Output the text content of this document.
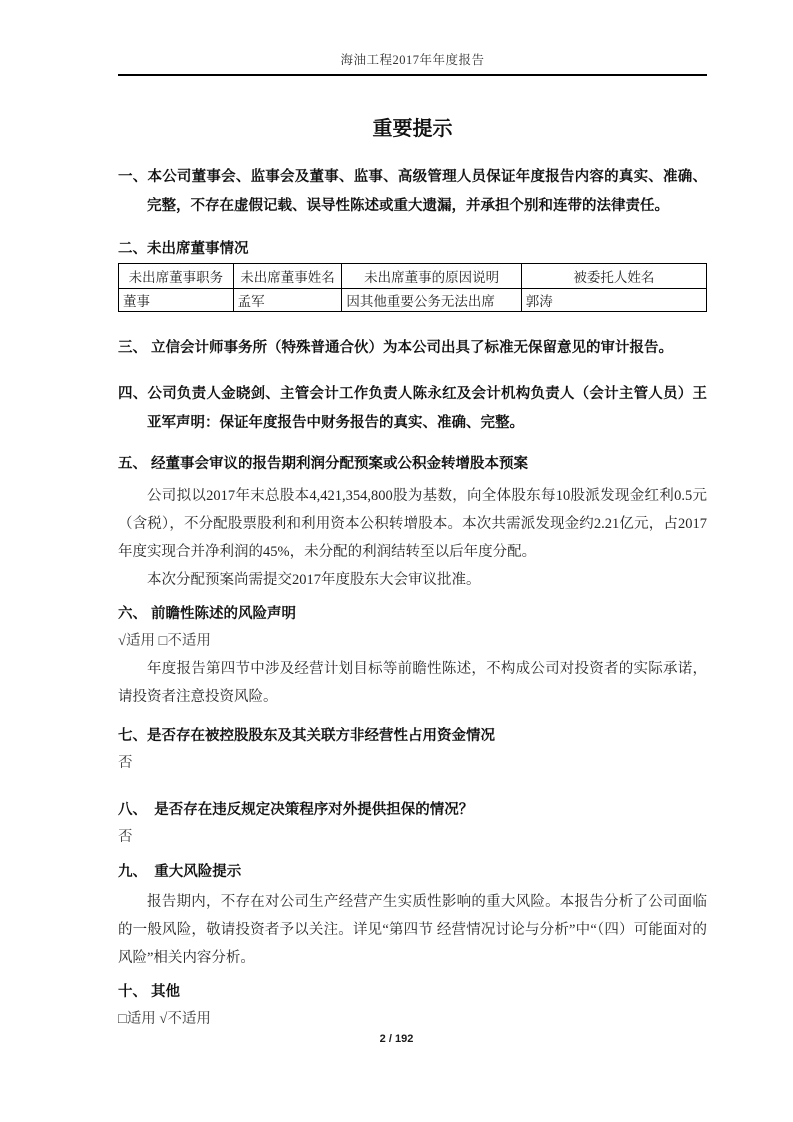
海油工程2017年年度报告
重要提示
一、本公司董事会、监事会及董事、监事、高级管理人员保证年度报告内容的真实、准确、完整，不存在虚假记载、误导性陈述或重大遗漏，并承担个别和连带的法律责任。
二、未出席董事情况
未出席董事职务	未出席董事姓名	未出席董事的原因说明	被委托人姓名
董事	孟军	因其他重要公务无法出席	郭涛
三、 立信会计师事务所（特殊普通合伙）为本公司出具了标准无保留意见的审计报告。
四、公司负责人金晓剑、主管会计工作负责人陈永红及会计机构负责人（会计主管人员）王亚军声明：保证年度报告中财务报告的真实、准确、完整。
五、 经董事会审议的报告期利润分配预案或公积金转增股本预案

公司拟以2017年末总股本4,421,354,800股为基数，向全体股东每10股派发现金红利0.5元（含税），不分配股票股利和利用资本公积转增股本。本次共需派发现金约2.21亿元，占2017年度实现合并净利润的45%，未分配的利润结转至以后年度分配。

本次分配预案尚需提交2017年度股东大会审议批准。

六、 前瞻性陈述的风险声明

√适用 □不适用

年度报告第四节中涉及经营计划目标等前瞻性陈述，不构成公司对投资者的实际承诺，请投资者注意投资风险。

七、是否存在被控股股东及其关联方非经营性占用资金情况

否

八、　是否存在违反规定决策程序对外提供担保的情况？

否

九、　重大风险提示

报告期内，不存在对公司生产经营产生实质性影响的重大风险。本报告分析了公司面临的一般风险，敬请投资者予以关注。详见“第四节 经营情况讨论与分析”中“（四）可能面对的风险”相关内容分析。

十、 其他

□适用 √不适用

2 / 192
